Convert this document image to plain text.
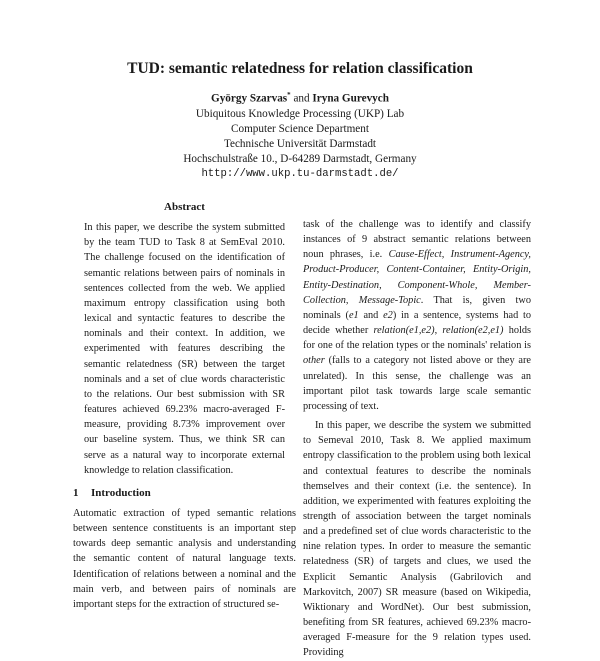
TUD: semantic relatedness for relation classification
György Szarvas* and Iryna Gurevych
Ubiquitous Knowledge Processing (UKP) Lab
Computer Science Department
Technische Universität Darmstadt
Hochschulstraße 10., D-64289 Darmstadt, Germany
http://www.ukp.tu-darmstadt.de/
Abstract

In this paper, we describe the system submitted by the team TUD to Task 8 at SemEval 2010. The challenge focused on the identification of semantic relations between pairs of nominals in sentences collected from the web. We applied maximum entropy classification using both lexical and syntactic features to describe the nominals and their context. In addition, we experimented with features describing the semantic relatedness (SR) between the target nominals and a set of clue words characteristic to the relations. Our best submission with SR features achieved 69.23% macro-averaged F-measure, providing 8.73% improvement over our baseline system. Thus, we think SR can serve as a natural way to incorporate external knowledge to relation classification.

1 Introduction

Automatic extraction of typed semantic relations between sentence constituents is an important step towards deep semantic analysis and understanding the semantic content of natural language texts. Identification of relations between a nominal and the main verb, and between pairs of nominals are important steps for the extraction of structured se-

task of the challenge was to identify and classify instances of 9 abstract semantic relations between noun phrases, i.e. Cause-Effect, Instrument-Agency, Product-Producer, Content-Container, Entity-Origin, Entity-Destination, Component-Whole, Member-Collection, Message-Topic. That is, given two nominals (e1 and e2) in a sentence, systems had to decide whether relation(e1,e2), relation(e2,e1) holds for one of the relation types or the nominals' relation is other (falls to a category not listed above or they are unrelated). In this sense, the challenge was an important pilot task towards large scale semantic processing of text.

In this paper, we describe the system we submitted to Semeval 2010, Task 8. We applied maximum entropy classification to the problem using both lexical and contextual features to describe the nominals themselves and their context (i.e. the sentence). In addition, we experimented with features exploiting the strength of association between the target nominals and a predefined set of clue words characteristic to the nine relation types. In order to measure the semantic relatedness (SR) of targets and clues, we used the Explicit Semantic Analysis (Gabrilovich and Markovitch, 2007) SR measure (based on Wikipedia, Wiktionary and WordNet). Our best submission, benefiting from SR features, achieved 69.23% macro-averaged F-measure for the 9 relation types used. Providing
